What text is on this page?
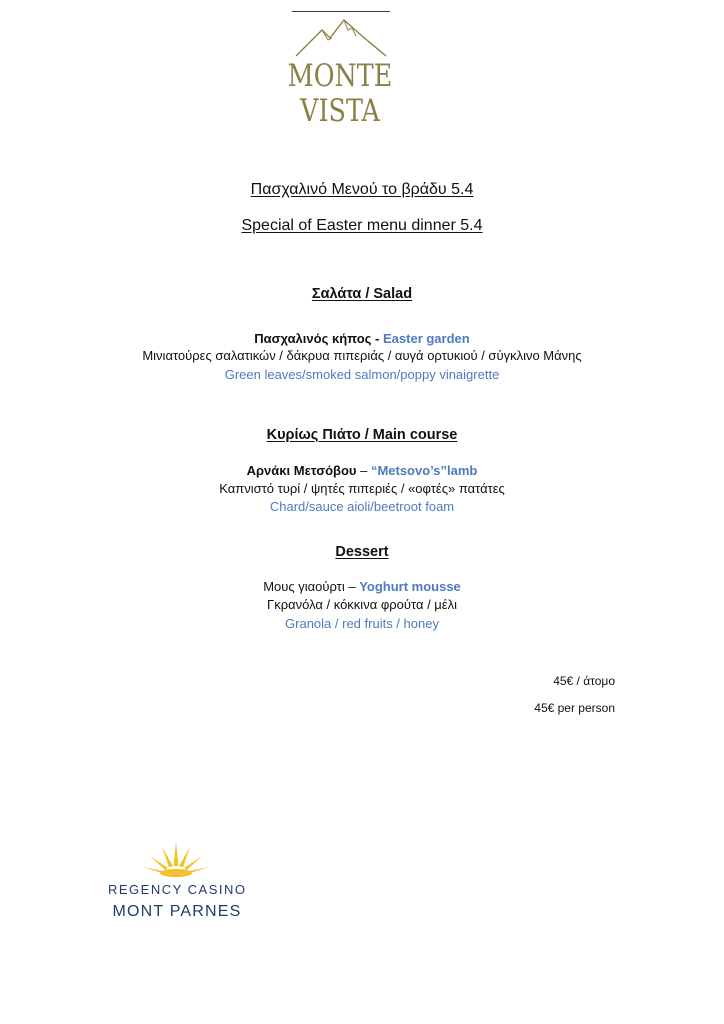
MONTE
VISTA
Πασχαλινό Μενού το βράδυ 5.4
Special of Easter menu dinner 5.4
Σαλάτα / Salad
Πασχαλινός κήπος - Easter garden
Μινιατούρες σαλατικών / δάκρυα πιπεριάς / αυγά ορτυκιού / σύγκλινο Μάνης
Green leaves/smoked salmon/poppy vinaigrette
Κυρίως Πιάτο / Main course
Αρνάκι Μετσόβου – “Metsovo’s”lamb
Καπνιστό τυρί / ψητές πιπεριές / «οφτές» πατάτες
Chard/sauce aioli/beetroot foam
Dessert
Μους γιαούρτι – Yoghurt mousse
Γκρανόλα / κόκκινα φρούτα / μέλι
Granola / red fruits / honey
45€ / άτομο
45€ per person
REGENCY CASINO
MONT PARNES
